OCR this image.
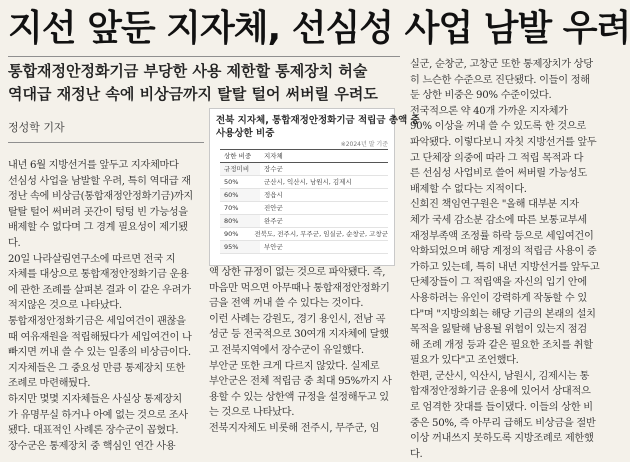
지선 앞둔 지자체, 선심성 사업 남발 우려
통합재정안정화기금 부당한 사용 제한할 통제장치 허술
역대급 재정난 속에 비상금까지 탈탈 털어 써버릴 우려도
정성학 기자

내년 6월 지방선거를 앞두고 지자체마다

선심성 사업을 남발할 우려, 특히 역대급 재

정난 속에 비상금(통합재정안정화기금)까지

탈탈 털어 써버려 곳간이 텅텅 빈 가능성을

배제할 수 없다며 그 경계 필요성이 제기됐

다.

20일 나라살림연구소에 따르면 전국 지

자체를 대상으로 통합재정안정화기금 운용

에 관한 조례를 살펴본 결과 이 같은 우려가

적지않은 것으로 나타났다.

통합재정안정화기금은 세입여건이 괜찮을

때 여유재원을 적립해뒀다가 세입여건이 나

빠지면 꺼내 쓸 수 있는 일종의 비상금이다.

지자체들은 그 중요성 만큼 통제장치 또한

조례로 마련해뒀다.

하지만 몇몇 지자체들은 사실상 통제장치

가 유명무실 하거나 아예 없는 것으로 조사

됐다. 대표적인 사례론 장수군이 꼽혔다.

장수군은 통제장치 중 핵심인 연간 사용

전북 지자체, 통합재정안정화기금 적립금 총액 중
사용상한 비중
※2024년 말 기준
상한 비중	지자체
규정미비	장수군
50%	군산시, 익산시, 남원시, 김제시
60%	정읍시
70%	진안군
80%	완주군
90%	전북도, 전주시, 무주군, 임실군, 순창군, 고창군
95%	부안군

액 상한 규정이 없는 것으로 파악됐다. 즉,

마음만 먹으면 아무때나 통합재정안정화기

금을 전액 꺼내 쓸 수 있다는 것이다.

이런 사례는 강원도, 경기 용인시, 전남 곡

성군 등 전국적으로 30여개 지자체에 달했

고 전북지역에서 장수군이 유일했다.

부안군 또한 크게 다르지 않았다. 실제로

부안군은 전체 적립금 중 최대 95%까지 사

용할 수 있는 상한액 규정을 설정해두고 있

는 것으로 나타났다.

전북지자체도 비롯해 전주시, 무주군, 임

실군, 순창군, 고창군 또한 통제장치가 상당

히 느슨한 수준으로 진단됐다. 이들이 정해

둔 상한 비중은 90% 수준이었다.

전국적으론 약 40개 가까운 지자체가

90% 이상을 꺼내 쓸 수 있도록 한 것으로

파악됐다. 이렇다보니 자칫 지방선거를 앞두

고 단체장 의중에 따라 그 적립 목적과 다

른 선심성 사업비로 쓸어 써버릴 가능성도

배제할 수 없다는 지적이다.

신희진 책임연구원은 "올해 대부분 지자

체가 국세 감소분 감소에 따른 보통교부세

재정부족액 조정률 하락 등으로 세입여건이

악화되었으며 해당 계정의 적립금 사용이 증

가하고 있는데, 특히 내년 지방선거를 앞두고

단체장들이 그 적립액을 자신의 입기 안에

사용하려는 유인이 강력하게 작동할 수 있

다"며 "지방의회는 해당 기금의 본래의 설치

목적을 잃탈해 남용될 위험이 있는지 점검

해 조례 개정 등과 같은 필요한 조치를 취할

필요가 있다"고 조언했다.

한편, 군산시, 익산시, 남원시, 김제시는 통

합재정안정화기금 운용에 있어서 상대적으

로 엄격한 잣대를 들이댔다. 이들의 상한 비

중은 50%, 즉 아무리 급해도 비상금을 절반

이상 꺼내쓰지 못하도록 지방조례로 제한했

다.
